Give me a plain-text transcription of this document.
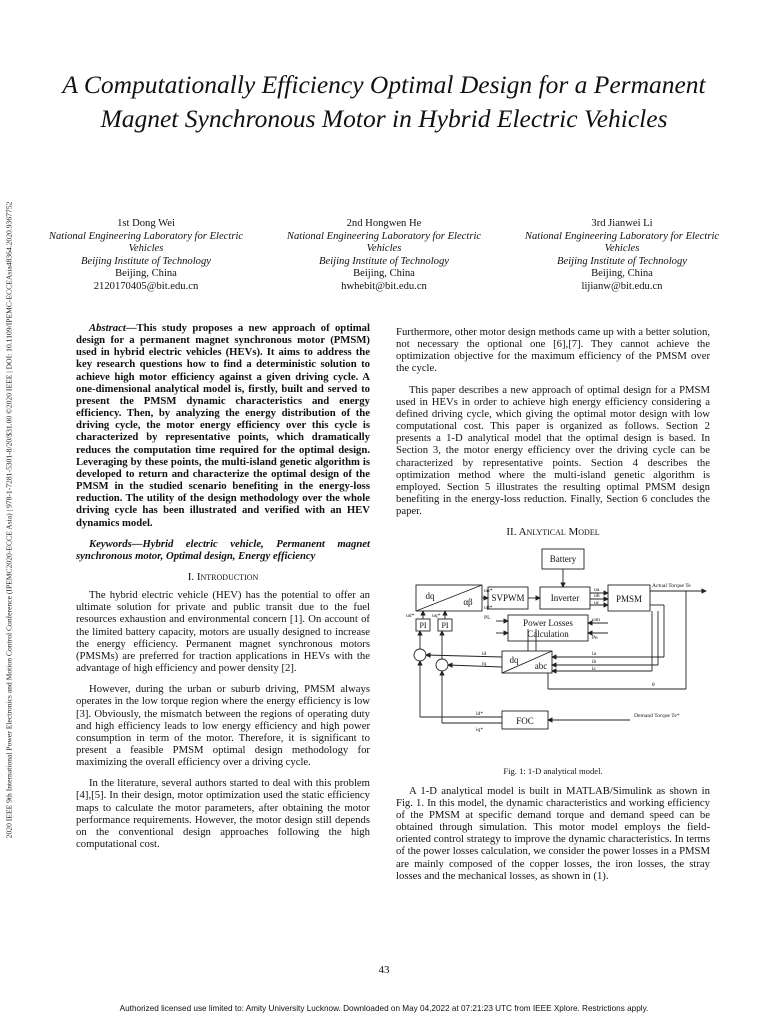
2020 IEEE 9th International Power Electronics and Motion Control Conference (IPEMC2020-ECCE Asia) | 978-1-7281-5301-8/20/$31.00 ©2020 IEEE | DOI: 10.1109/IPEMC-ECCEAsia48364.2020.9367752
A Computationally Efficiency Optimal Design for a Permanent Magnet Synchronous Motor in Hybrid Electric Vehicles
1st Dong Wei
National Engineering Laboratory for Electric Vehicles
Beijing Institute of Technology
Beijing, China
2120170405@bit.edu.cn
2nd Hongwen He
National Engineering Laboratory for Electric Vehicles
Beijing Institute of Technology
Beijing, China
hwhebit@bit.edu.cn
3rd Jianwei Li
National Engineering Laboratory for Electric Vehicles
Beijing Institute of Technology
Beijing, China
lijianw@bit.edu.cn

Abstract—This study proposes a new approach of optimal design for a permanent magnet synchronous motor (PMSM) used in hybrid electric vehicles (HEVs). It aims to address the key research questions how to find a deterministic solution to achieve high motor efficiency against a given driving cycle. A one-dimensional analytical model is, firstly, built and served to present the PMSM dynamic characteristics and energy efficiency. Then, by analyzing the energy distribution of the driving cycle, the motor energy efficiency over this cycle is characterized by representative points, which dramatically reduces the computation time required for the optimal design. Leveraging by these points, the multi-island genetic algorithm is developed to return and characterize the optimal design of the PMSM in the studied scenario benefiting in the energy-loss reduction. The utility of the design methodology over the whole driving cycle has been illustrated and verified with an HEV dynamics model.

Keywords—Hybrid electric vehicle, Permanent magnet synchronous motor, Optimal design, Energy efficiency

I. Introduction

The hybrid electric vehicle (HEV) has the potential to offer an ultimate solution for private and public transit due to the fuel resources exhaustion and environmental concern [1]. On account of the limited battery capacity, motors are usually designed to increase the energy efficiency. Permanent magnet synchronous motors (PMSMs) are preferred for traction applications in HEVs with the advantage of high efficiency and power density [2].

However, during the urban or suburb driving, PMSM always operates in the low torque region where the energy efficiency is low [3]. Obviously, the mismatch between the regions of operating duty and high efficiency leads to low energy efficiency and high power consumption in term of the motor. Therefore, it is significant to present a feasible PMSM optimal design methodology for maximizing the overall efficiency over a driving cycle.

In the literature, several authors started to deal with this problem [4],[5]. In their design, motor optimization used the static efficiency maps to calculate the motor parameters, after obtaining the motor performance requirements. However, the motor design still depends on the conventional design approaches following the high computational cost.

Furthermore, other motor design methods came up with a better solution, not necessary the optional one [6],[7]. They cannot achieve the optimization objective for the maximum efficiency of the PMSM over the cycle.

This paper describes a new approach of optimal design for a PMSM used in HEVs in order to achieve high energy efficiency considering a defined driving cycle, which giving the optimal motor design with low computational cost. This paper is organized as follows. Section 2 presents a 1-D analytical model that the optimal design is based. In Section 3, the motor energy efficiency over the driving cycle can be characterized by representative points. Section 4 describes the optimization method where the multi-island genetic algorithm is employed. Section 5 illustrates the resulting optimal PMSM design benefiting in the energy-loss reduction. Finally, Section 6 concludes the paper.

II. Anlytical Model
Battery
dq
αβ SVPWM	Inverter	PMSM
Power Losses
Calculation
PI PI
dq
abc
FOC
Actual Torque Te
Demand Torque Te*
θ
uα*
uβ*
ud*	uq*
id
iq
id*
iq*
ua
ub
uc
ia
ib
ic
ωm
PL
Pe
Fig. 1: 1-D analytical model.

A 1-D analytical model is built in MATLAB/Simulink as shown in Fig. 1. In this model, the dynamic characteristics and working efficiency of the PMSM at specific demand torque and demand speed can be obtained through simulation. This motor model employs the field-oriented control strategy to improve the dynamic characteristics. In terms of the power losses calculation, we consider the power losses in a PMSM are mainly composed of the copper losses, the iron losses, the stray losses and the mechanical losses, as shown in (1).

43
Authorized licensed use limited to: Amity University Lucknow. Downloaded on May 04,2022 at 07:21:23 UTC from IEEE Xplore. Restrictions apply.
